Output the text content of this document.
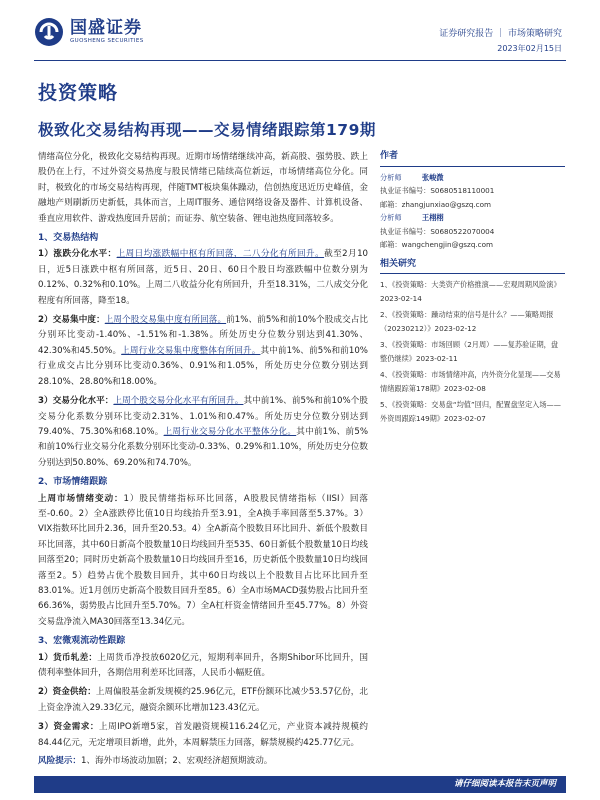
国盛证券
GUOSHENG SECURITIES
证券研究报告 ｜ 市场策略研究
2023年02月15日
投资策略
极致化交易结构再现——交易情绪跟踪第179期

情绪高位分化，极致化交易结构再现。近期市场情绪继续冲高，新高股、强势股、跌上股仍在上行，不过外资交易热度与股民情绪已陆续高位新远，市场情绪高位分化。同时，极致化的市场交易结构再现，伴随TMT板块集体躁动，信创热度迅近历史峰值，金融地产则刷新历史新低，具体而言，上周IT服务、通信网络设备及器件、计算机设备、垂直应用软件、游戏热度回升居前；而证券、航空装备、锂电池热度回落较多。

1、交易热结构

1）涨跌分化水平：上周日均涨跌幅中枢有所回落，二八分化有所回升。截至2月10日，近5日涨跌中枢有所回落，近5日、20日、60日个股日均涨跌幅中位数分别为0.12%、0.32%和0.10%。上周二八收益分化有所回升，升至18.31%，二八成交分化程度有所回落，降至18。

2）交易集中度：上周个股交易集中度有所回落。前1%、前5%和前10%个股成交占比分别环比变动-1.40%、-1.51%和-1.38%。所处历史分位数分别达到41.30%、42.30%和45.50%。上周行业交易集中度整体有所回升。其中前1%、前5%和前10%行业成交占比分别环比变动0.36%、0.91%和1.05%，所处历史分位数分别达到28.10%、28.80%和18.00%。

3）交易分化水平：上周个股交易分化水平有所回升。其中前1%、前5%和前10%个股交易分化系数分别环比变动2.31%、1.01%和0.47%。所处历史分位数分别达到79.40%、75.30%和68.10%。上周行业交易分化水平整体分化。其中前1%、前5%和前10%行业交易分化系数分别环比变动-0.33%、0.29%和1.10%，所处历史分位数分别达到50.80%、69.20%和74.70%。

2、市场情绪跟踪

上周市场情绪变动：1）股民情绪指标环比回落，A股股民情绪指标（IISI）回落至-0.60。2）全A涨跌停比值10日均线抬升至3.91，全A换手率回落至5.37%。3）VIX指数环比回升2.36，回升至20.53。4）全A新高个股数目环比回升、新低个股数目环比回落，其中60日新高个股数量10日均线回升至535、60日新低个股数量10日均线回落至20；同时历史新高个股数量10日均线回升至16，历史新低个股数量10日均线回落至2。5）趋势占优个股数目回升，其中60日均线以上个股数目占比环比回升至83.01%。近1月创历史新高个股数目回升至85。6）全A市场MACD强势股占比回升至66.36%，弱势股占比回升至5.70%。7）全A杠杆资金情绪回升至45.77%。8）外资交易盘净流入MA30回落至13.34亿元。

3、宏微观流动性跟踪

1）货币轧差：上周货币净投放6020亿元，短期利率回升，各期Shibor环比回升，国债利率整体回升，各期信用利差环比回落，人民币小幅贬值。

2）资金供给：上周偏股基金新发规模约25.96亿元，ETF份额环比减少53.57亿份，北上资金净流入29.33亿元，融资余额环比增加123.43亿元。

3）资金需求：上周IPO新增5家，首发融资规模116.24亿元，产业资本减持规模约84.44亿元，无定增项目新增，此外，本周解禁压力回落，解禁规模约425.77亿元。

作者
分析师	张峻溦
执业证书编号：S0680518110001
邮箱：zhangjunxiao@gszq.com
分析师	王栩栩
执业证书编号：S0680522070004
邮箱：wangchengjin@gszq.com
相关研究
1、《投资策略：大类资产价格推演——宏观周期风险演》2023-02-14
2、《投资策略：躁动结束的信号是什么？——策略周报（20230212）》2023-02-12
3、《投资策略：市场回顾（2月周）——复苏验证期，盘整仍继续》2023-02-11
4、《投资策略：市场情绪冲高，内外资分化显现——交易情绪跟踪第178期》2023-02-08
5、《投资策略：交易盘“均值”回归，配置盘坚定入场——外资周跟踪149期》2023-02-07
风险提示：1、海外市场波动加剧；2、宏观经济超预期波动。
请仔细阅读本报告末页声明
